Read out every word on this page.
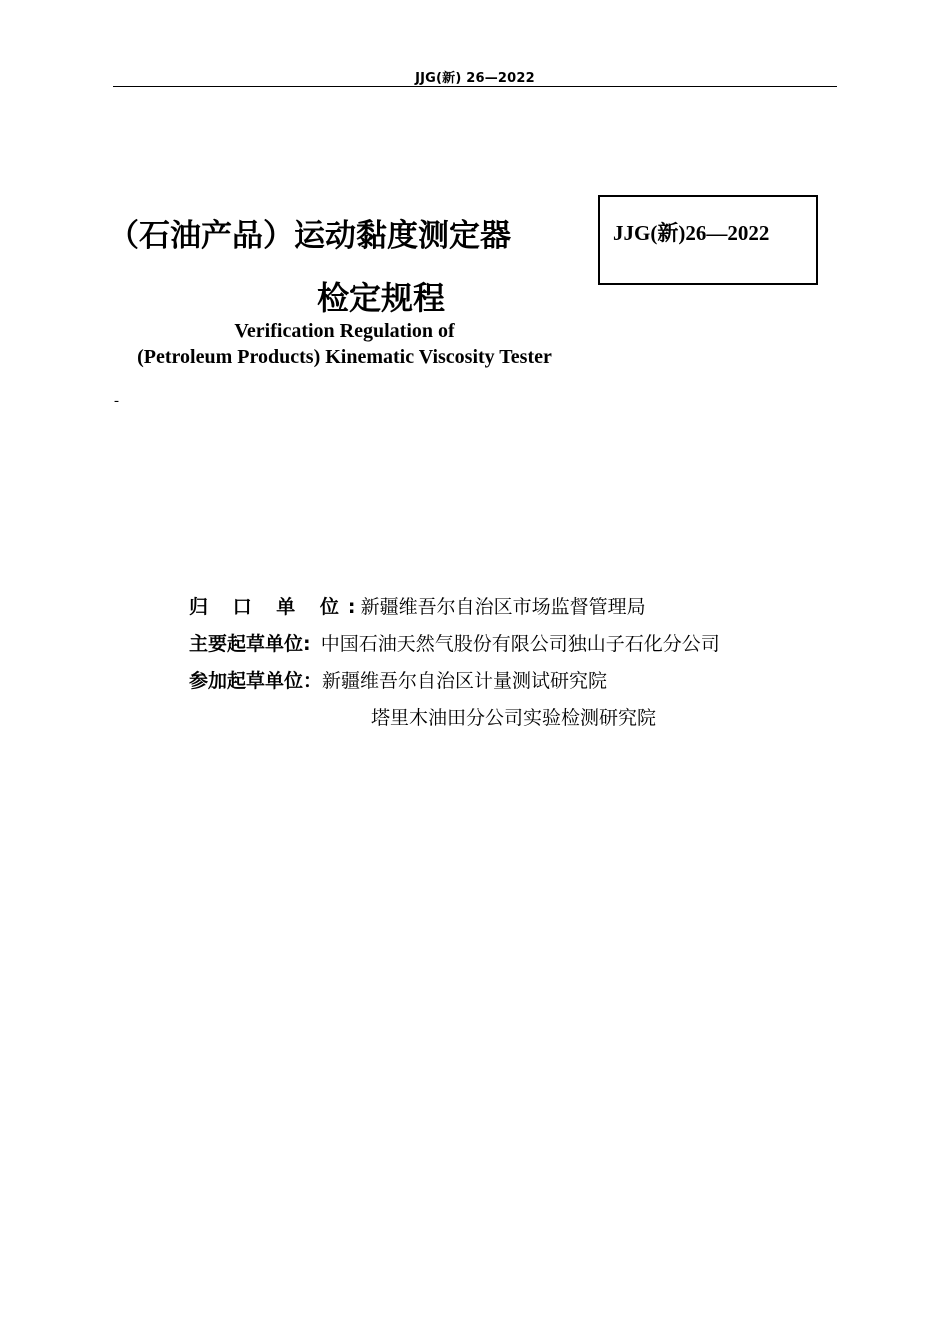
JJG(新) 26—2022
（石油产品）运动黏度测定器
检定规程
JJG(新)26—2022
Verification Regulation of
(Petroleum Products) Kinematic Viscosity Tester
-
归 口 单 位: 新疆维吾尔自治区市场监督管理局
主要起草单位: 中国石油天然气股份有限公司独山子石化分公司
参加起草单位：新疆维吾尔自治区计量测试研究院
塔里木油田分公司实验检测研究院
